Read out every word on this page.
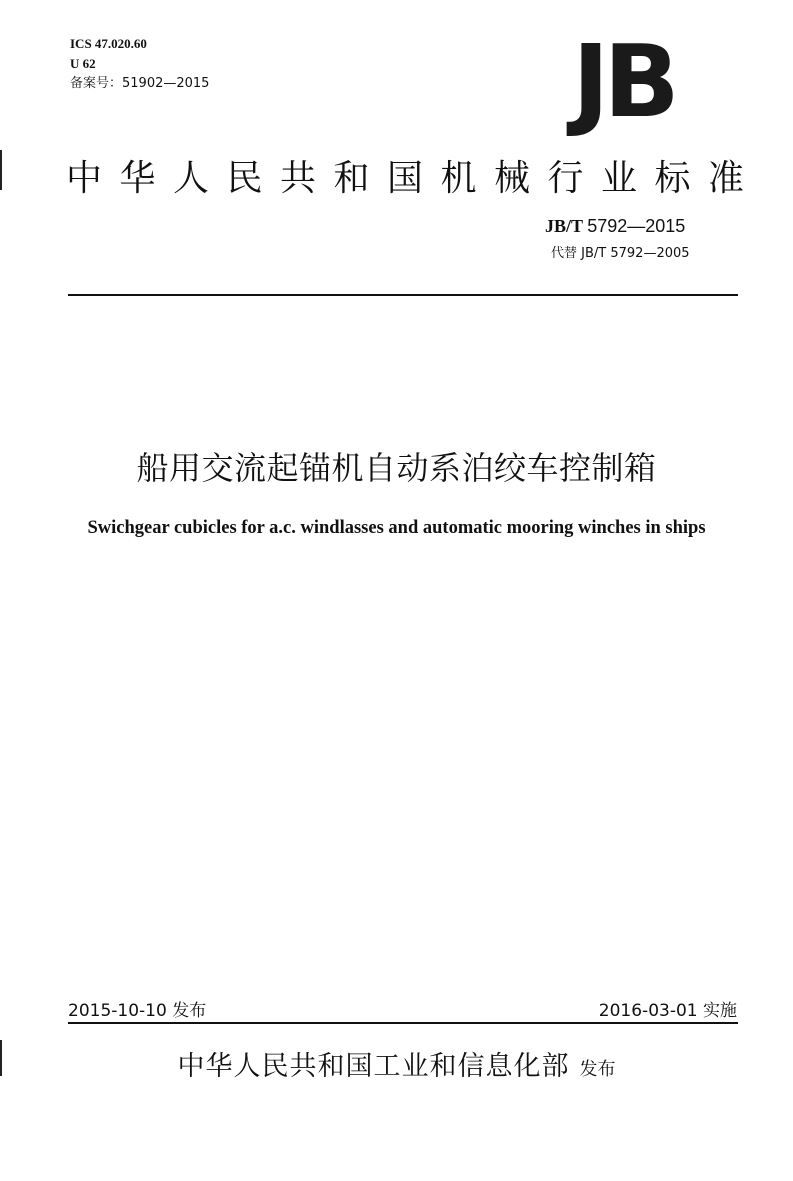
ICS 47.020.60
U 62
备案号：51902—2015	JB
中华人民共和国机械行业标准
JB/T 5792—2015
代替 JB/T 5792—2005
船用交流起锚机自动系泊绞车控制箱
Swichgear cubicles for a.c. windlasses and automatic mooring winches in ships
2015-10-10 发布	2016-03-01 实施
中华人民共和国工业和信息化部 发布
